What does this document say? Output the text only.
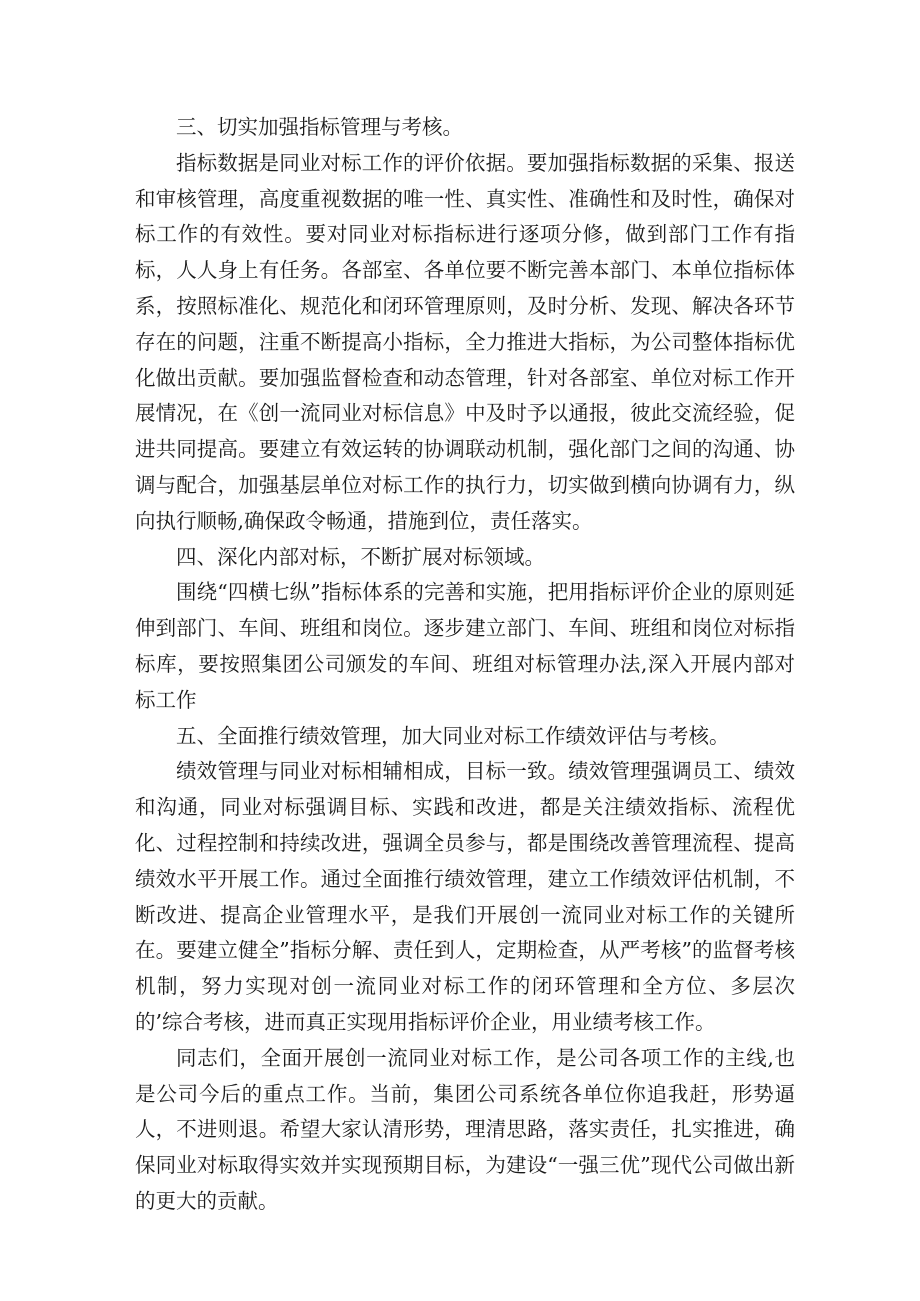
三、切实加强指标管理与考核。

指标数据是同业对标工作的评价依据。要加强指标数据的采集、报送和审核管理，高度重视数据的唯一性、真实性、准确性和及时性，确保对标工作的有效性。要对同业对标指标进行逐项分修，做到部门工作有指标，人人身上有任务。各部室、各单位要不断完善本部门、本单位指标体系，按照标准化、规范化和闭环管理原则，及时分析、发现、解决各环节存在的问题，注重不断提高小指标，全力推进大指标，为公司整体指标优化做出贡献。要加强监督检查和动态管理，针对各部室、单位对标工作开展情况，在《创一流同业对标信息》中及时予以通报，彼此交流经验，促进共同提高。要建立有效运转的协调联动机制，强化部门之间的沟通、协调与配合，加强基层单位对标工作的执行力，切实做到横向协调有力，纵向执行顺畅,确保政令畅通，措施到位，责任落实。

四、深化内部对标，不断扩展对标领域。

围绕“四横七纵”指标体系的完善和实施，把用指标评价企业的原则延伸到部门、车间、班组和岗位。逐步建立部门、车间、班组和岗位对标指标库，要按照集团公司颁发的车间、班组对标管理办法,深入开展内部对标工作

五、全面推行绩效管理，加大同业对标工作绩效评估与考核。

绩效管理与同业对标相辅相成，目标一致。绩效管理强调员工、绩效和沟通，同业对标强调目标、实践和改进，都是关注绩效指标、流程优化、过程控制和持续改进，强调全员参与，都是围绕改善管理流程、提高绩效水平开展工作。通过全面推行绩效管理，建立工作绩效评估机制，不断改进、提高企业管理水平，是我们开展创一流同业对标工作的关键所在。要建立健全”指标分解、责任到人，定期检查，从严考核”的监督考核机制，努力实现对创一流同业对标工作的闭环管理和全方位、多层次的’综合考核，进而真正实现用指标评价企业，用业绩考核工作。

同志们，全面开展创一流同业对标工作，是公司各项工作的主线,也是公司今后的重点工作。当前，集团公司系统各单位你追我赶，形势逼人，不进则退。希望大家认清形势，理清思路，落实责任，扎实推进，确保同业对标取得实效并实现预期目标，为建设“一强三优”现代公司做出新的更大的贡献。
